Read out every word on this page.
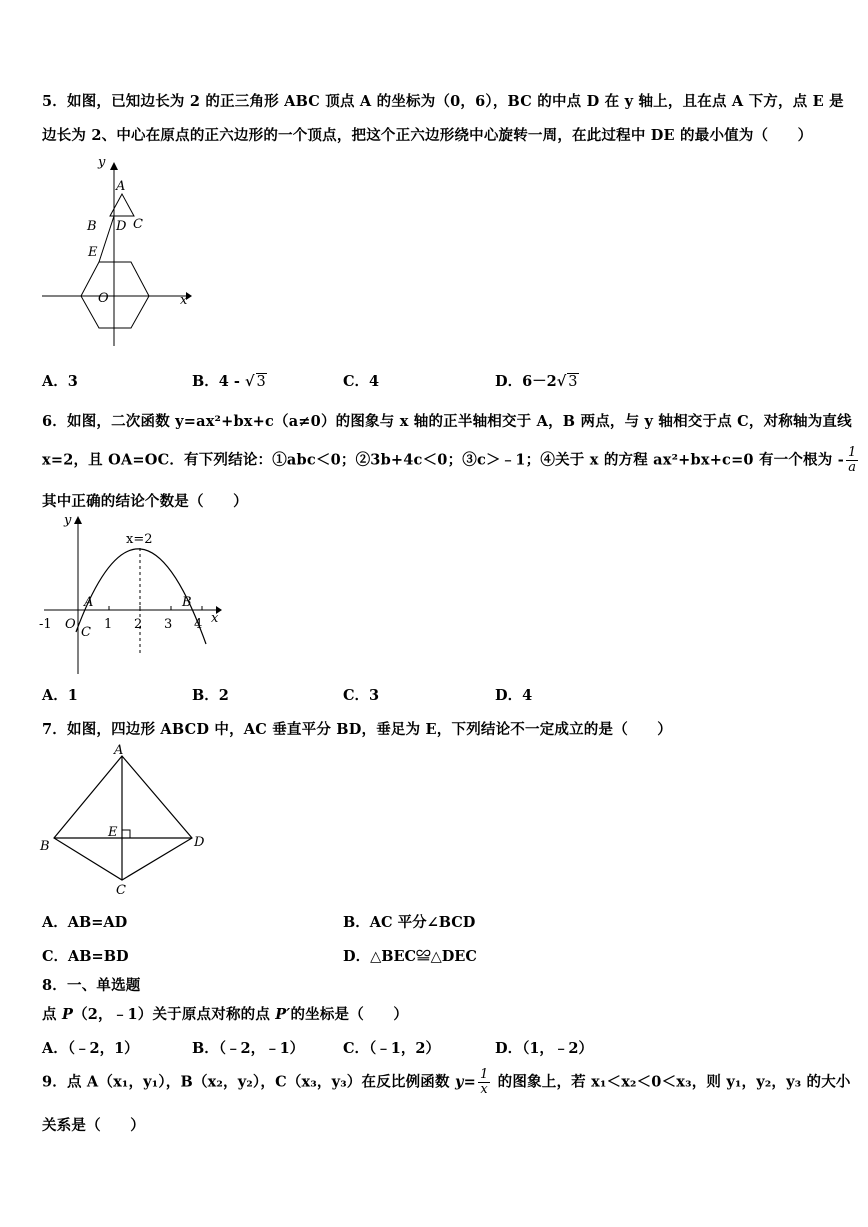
5．如图，已知边长为 2 的正三角形 ABC 顶点 A 的坐标为（0，6），BC 的中点 D 在 y 轴上，且在点 A 下方，点 E 是
边长为 2、中心在原点的正六边形的一个顶点，把这个正六边形绕中心旋转一周，在此过程中 DE 的最小值为（　　）
y
A
B D C
E
O	x
A．3	B．4 - √ 3	C．4	D．6－2√ 3
6．如图，二次函数 y=ax²+bx+c（a≠0）的图象与 x 轴的正半轴相交于 A，B 两点，与 y 轴相交于点 C，对称轴为直线
x=2，且 OA=OC．有下列结论：①abc＜0；②3b+4c＜0；③c＞﹣1；④关于 x 的方程 ax²+bx+c=0 有一个根为 - $\frac{1}{a}$
其中正确的结论个数是（　　）
y
x=2
A	B
-1 O
C
1 2 3 4 x
A．1	B．2	C．3	D．4
7．如图，四边形 ABCD 中，AC 垂直平分 BD，垂足为 E，下列结论不一定成立的是（　　）
A
B
C
D
E
A．AB=AD	B．AC 平分∠BCD
C．AB=BD	D．△BEC≌△DEC
8．一、单选题
点 P（2，﹣1）关于原点对称的点 P′的坐标是（　　）
A．（﹣2，1）	B．（﹣2，﹣1）	C．（﹣1，2）	D．（1，﹣2）
9．点 A（x₁，y₁），B（x₂，y₂），C（x₃，y₃）在反比例函数 $y= \frac{1}{x}$ 的图象上，若 x₁＜x₂＜0＜x₃，则 y₁，y₂，y₃ 的大小
关系是（　　）
